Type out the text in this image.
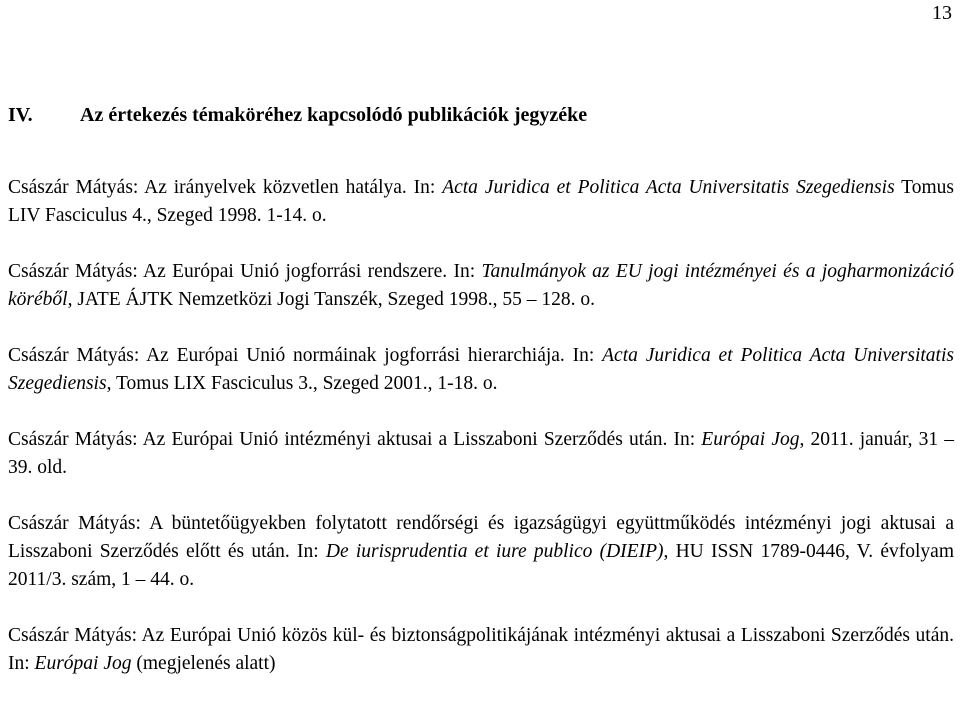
13
IV. Az értekezés témaköréhez kapcsolódó publikációk jegyzéke

Császár Mátyás: Az irányelvek közvetlen hatálya. In: Acta Juridica et Politica Acta Universitatis Szegediensis Tomus LIV Fasciculus 4., Szeged 1998. 1-14. o.

Császár Mátyás: Az Európai Unió jogforrási rendszere. In: Tanulmányok az EU jogi intézményei és a jogharmonizáció köréből, JATE ÁJTK Nemzetközi Jogi Tanszék, Szeged 1998., 55 – 128. o.

Császár Mátyás: Az Európai Unió normáinak jogforrási hierarchiája. In: Acta Juridica et Politica Acta Universitatis Szegediensis, Tomus LIX Fasciculus 3., Szeged 2001., 1-18. o.

Császár Mátyás: Az Európai Unió intézményi aktusai a Lisszaboni Szerződés után. In: Európai Jog, 2011. január, 31 – 39. old.

Császár Mátyás: A büntetőügyekben folytatott rendőrségi és igazságügyi együttműködés intézményi jogi aktusai a Lisszaboni Szerződés előtt és után. In: De iurisprudentia et iure publico (DIEIP), HU ISSN 1789-0446, V. évfolyam 2011/3. szám, 1 – 44. o.

Császár Mátyás: Az Európai Unió közös kül- és biztonságpolitikájának intézményi aktusai a Lisszaboni Szerződés után. In: Európai Jog (megjelenés alatt)
